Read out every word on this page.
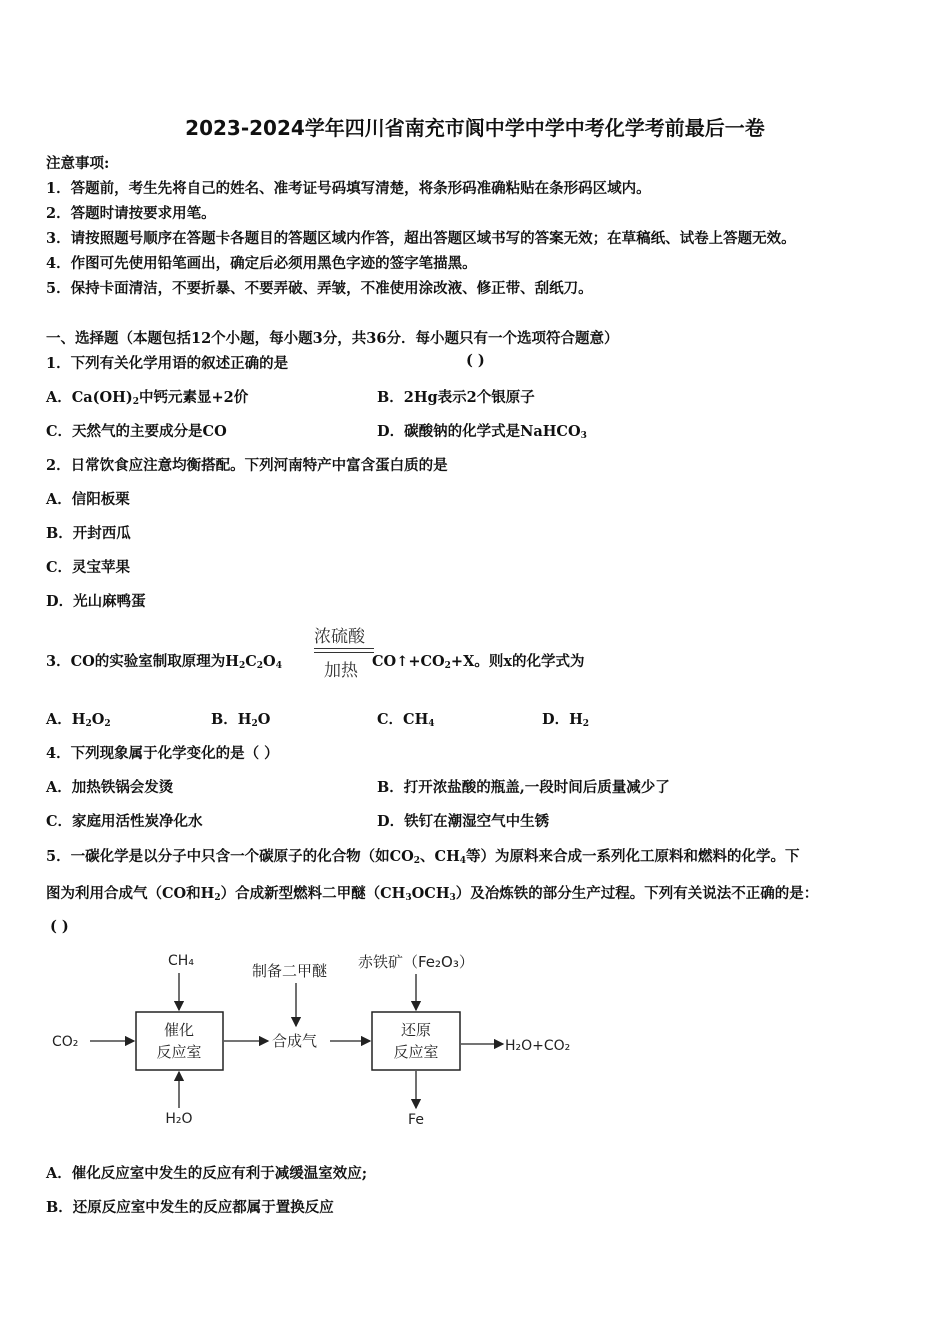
2023-2024学年四川省南充市阆中学中学中考化学考前最后一卷
注意事项:
1．答题前，考生先将自己的姓名、准考证号码填写清楚，将条形码准确粘贴在条形码区域内。
2．答题时请按要求用笔。
3．请按照题号顺序在答题卡各题目的答题区域内作答，超出答题区域书写的答案无效；在草稿纸、试卷上答题无效。
4．作图可先使用铅笔画出，确定后必须用黑色字迹的签字笔描黑。
5．保持卡面清洁，不要折暴、不要弄破、弄皱，不准使用涂改液、修正带、刮纸刀。
一、选择题（本题包括12个小题，每小题3分，共36分．每小题只有一个选项符合题意）
1．下列有关化学用语的叙述正确的是	( )
A．$Ca(OH)_2$中钙元素显+2价	B．2Hg表示2个银原子
C．天然气的主要成分是CO	D．碳酸钠的化学式是NaHCO$_3$
2．日常饮食应注意均衡搭配。下列河南特产中富含蛋白质的是
A．信阳板栗
B．开封西瓜
C．灵宝苹果
D．光山麻鸭蛋
3．CO的实验室制取原理为$H_2C_2O_4$
浓硫酸
加热 $CO↑+CO_2+X$。则x的化学式为
A．$H_2O_2$	B．$H_2O$	C．$CH_4$	D．$H_2$
4．下列现象属于化学变化的是（ ）
A．加热铁锅会发烫	B．打开浓盐酸的瓶盖,一段时间后质量减少了
C．家庭用活性炭净化水	D．铁钉在潮湿空气中生锈
5．一碳化学是以分子中只含一个碳原子的化合物（如$CO_2$、$CH_4$等）为原料来合成一系列化工原料和燃料的化学。下
图为利用合成气（CO和$H_2$）合成新型燃料二甲醚$(CH_3OCH_3)$及冶炼铁的部分生产过程。下列有关说法不正确的是：
( )
催化
反应室
CH₄
CO₂
H₂O
合成气
制备二甲醚
还原
反应室
赤铁矿（Fe₂O₃）
H₂O+CO₂
Fe
A．催化反应室中发生的反应有利于减缓温室效应;
B．还原反应室中发生的反应都属于置换反应
